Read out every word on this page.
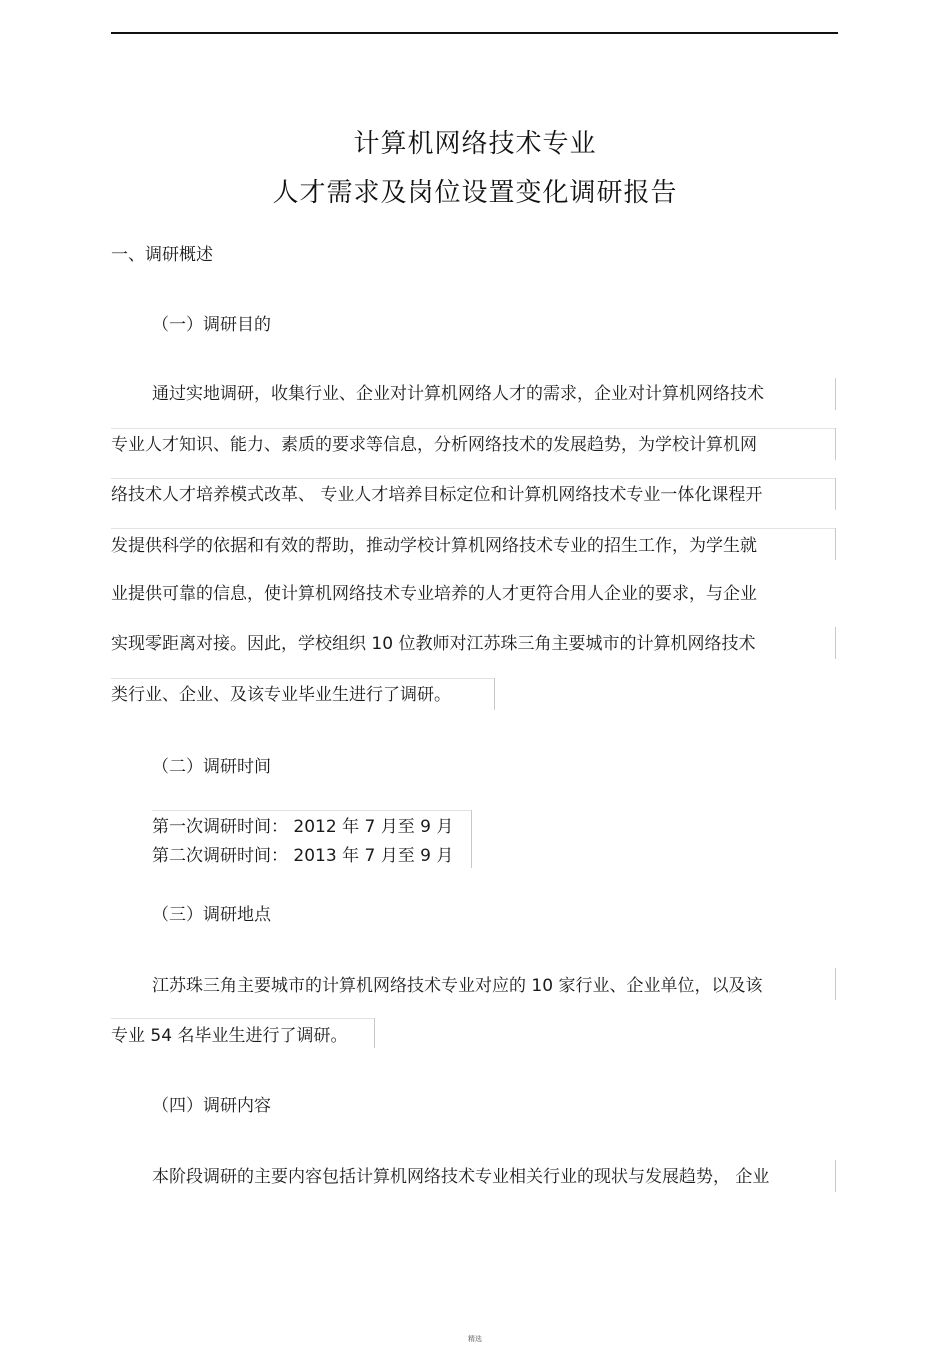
计算机网络技术专业
人才需求及岗位设置变化调研报告
一、调研概述
（一）调研目的
通过实地调研，收集行业、企业对计算机网络人才的需求，企业对计算机网络技术
专业人才知识、能力、素质的要求等信息，分析网络技术的发展趋势，为学校计算机网
络技术人才培养模式改革、 专业人才培养目标定位和计算机网络技术专业一体化课程开
发提供科学的依据和有效的帮助，推动学校计算机网络技术专业的招生工作，为学生就
业提供可靠的信息，使计算机网络技术专业培养的人才更符合用人企业的要求，与企业
实现零距离对接。因此，学校组织 10 位教师对江苏珠三角主要城市的计算机网络技术
类行业、企业、及该专业毕业生进行了调研。
（二）调研时间
第一次调研时间： 2012 年 7 月至 9 月
第二次调研时间： 2013 年 7 月至 9 月
（三）调研地点
江苏珠三角主要城市的计算机网络技术专业对应的 10 家行业、企业单位，以及该
专业 54 名毕业生进行了调研。
（四）调研内容
本阶段调研的主要内容包括计算机网络技术专业相关行业的现状与发展趋势， 企业
精选
